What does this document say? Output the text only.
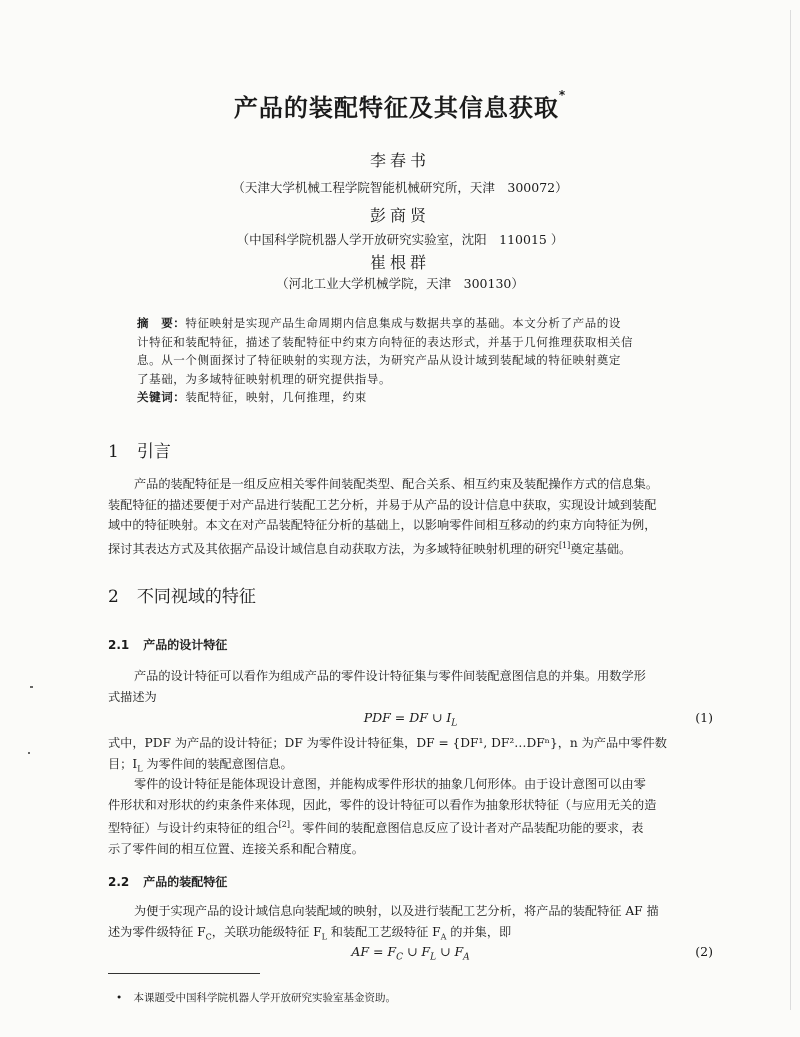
产品的装配特征及其信息获取*
李春书
（天津大学机械工程学院智能机械研究所，天津　300072）
彭商贤
（中国科学院机器人学开放研究实验室，沈阳　110015 ）
崔根群
（河北工业大学机械学院，天津　300130）
摘　要：特征映射是实现产品生命周期内信息集成与数据共享的基础。本文分析了产品的设
计特征和装配特征，描述了装配特征中约束方向特征的表达形式，并基于几何推理获取相关信
息。从一个侧面探讨了特征映射的实现方法，为研究产品从设计域到装配域的特征映射奠定
了基础，为多域特征映射机理的研究提供指导。
关键词：装配特征，映射，几何推理，约束
1 引言
产品的装配特征是一组反应相关零件间装配类型、配合关系、相互约束及装配操作方式的信息集。
装配特征的描述要便于对产品进行装配工艺分析，并易于从产品的设计信息中获取，实现设计域到装配
域中的特征映射。本文在对产品装配特征分析的基础上，以影响零件间相互移动的约束方向特征为例，
探讨其表达方式及其依据产品设计域信息自动获取方法，为多域特征映射机理的研究[1]奠定基础。
2 不同视域的特征
2.1 产品的设计特征
产品的设计特征可以看作为组成产品的零件设计特征集与零件间装配意图信息的并集。用数学形
式描述为
PDF = DF ∪ $I_L$	(1)
式中，PDF 为产品的设计特征；DF 为零件设计特征集，DF = {DF¹, DF²…DFⁿ}，n 为产品中零件数
目；$I_L$ 为零件间的装配意图信息。
零件的设计特征是能体现设计意图，并能构成零件形状的抽象几何形体。由于设计意图可以由零
件形状和对形状的约束条件来体现，因此，零件的设计特征可以看作为抽象形状特征（与应用无关的造
型特征）与设计约束特征的组合[2]。零件间的装配意图信息反应了设计者对产品装配功能的要求，表
示了零件间的相互位置、连接关系和配合精度。
2.2 产品的装配特征
为便于实现产品的设计域信息向装配域的映射，以及进行装配工艺分析，将产品的装配特征 AF 描
述为零件级特征 $F_C$，关联功能级特征 $F_L$ 和装配工艺级特征 $F_A$ 的并集，即
AF = $F_C$ ∪ $F_L$ ∪ $F_A$	(2)
• 本课题受中国科学院机器人学开放研究实验室基金资助。
